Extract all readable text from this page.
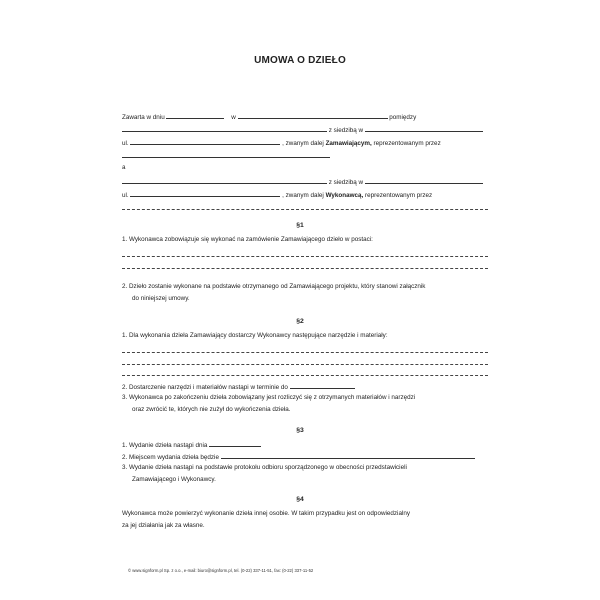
UMOWA O DZIEŁO
Zawarta w dniu	w	pomiędzy
z siedzibą w
ul.	, zwanym dalej Zamawiającym, reprezentowanym przez
a
z siedzibą w
ul.	, zwanym dalej Wykonawcą, reprezentowanym przez
§1
1. Wykonawca zobowiązuje się wykonać na zamówienie Zamawiającego dzieło w postaci:
2. Dzieło zostanie wykonane na podstawie otrzymanego od Zamawiającego projektu, który stanowi załącznik
do niniejszej umowy.
§2
1. Dla wykonania dzieła Zamawiający dostarczy Wykonawcy następujące narzędzie i materiały:
2. Dostarczenie narzędzi i materiałów nastąpi w terminie do
3. Wykonawca po zakończeniu dzieła zobowiązany jest rozliczyć się z otrzymanych materiałów i narzędzi
oraz zwrócić te, których nie zużył do wykończenia dzieła.
§3
1. Wydanie dzieła nastąpi dnia
2. Miejscem wydania dzieła będzie
3. Wydanie dzieła nastąpi na podstawie protokołu odbioru sporządzonego w obecności przedstawicieli
Zamawiającego i Wykonawcy.
§4
Wykonawca może powierzyć wykonanie dzieła innej osobie. W takim przypadku jest on odpowiedzialny
za jej działania jak za własne.
© www.signform.pl Sp. z o.o., e-mail: biuro@signform.pl, tel. (0-22) 337-11-51, fax: (0-22) 337-11-52
